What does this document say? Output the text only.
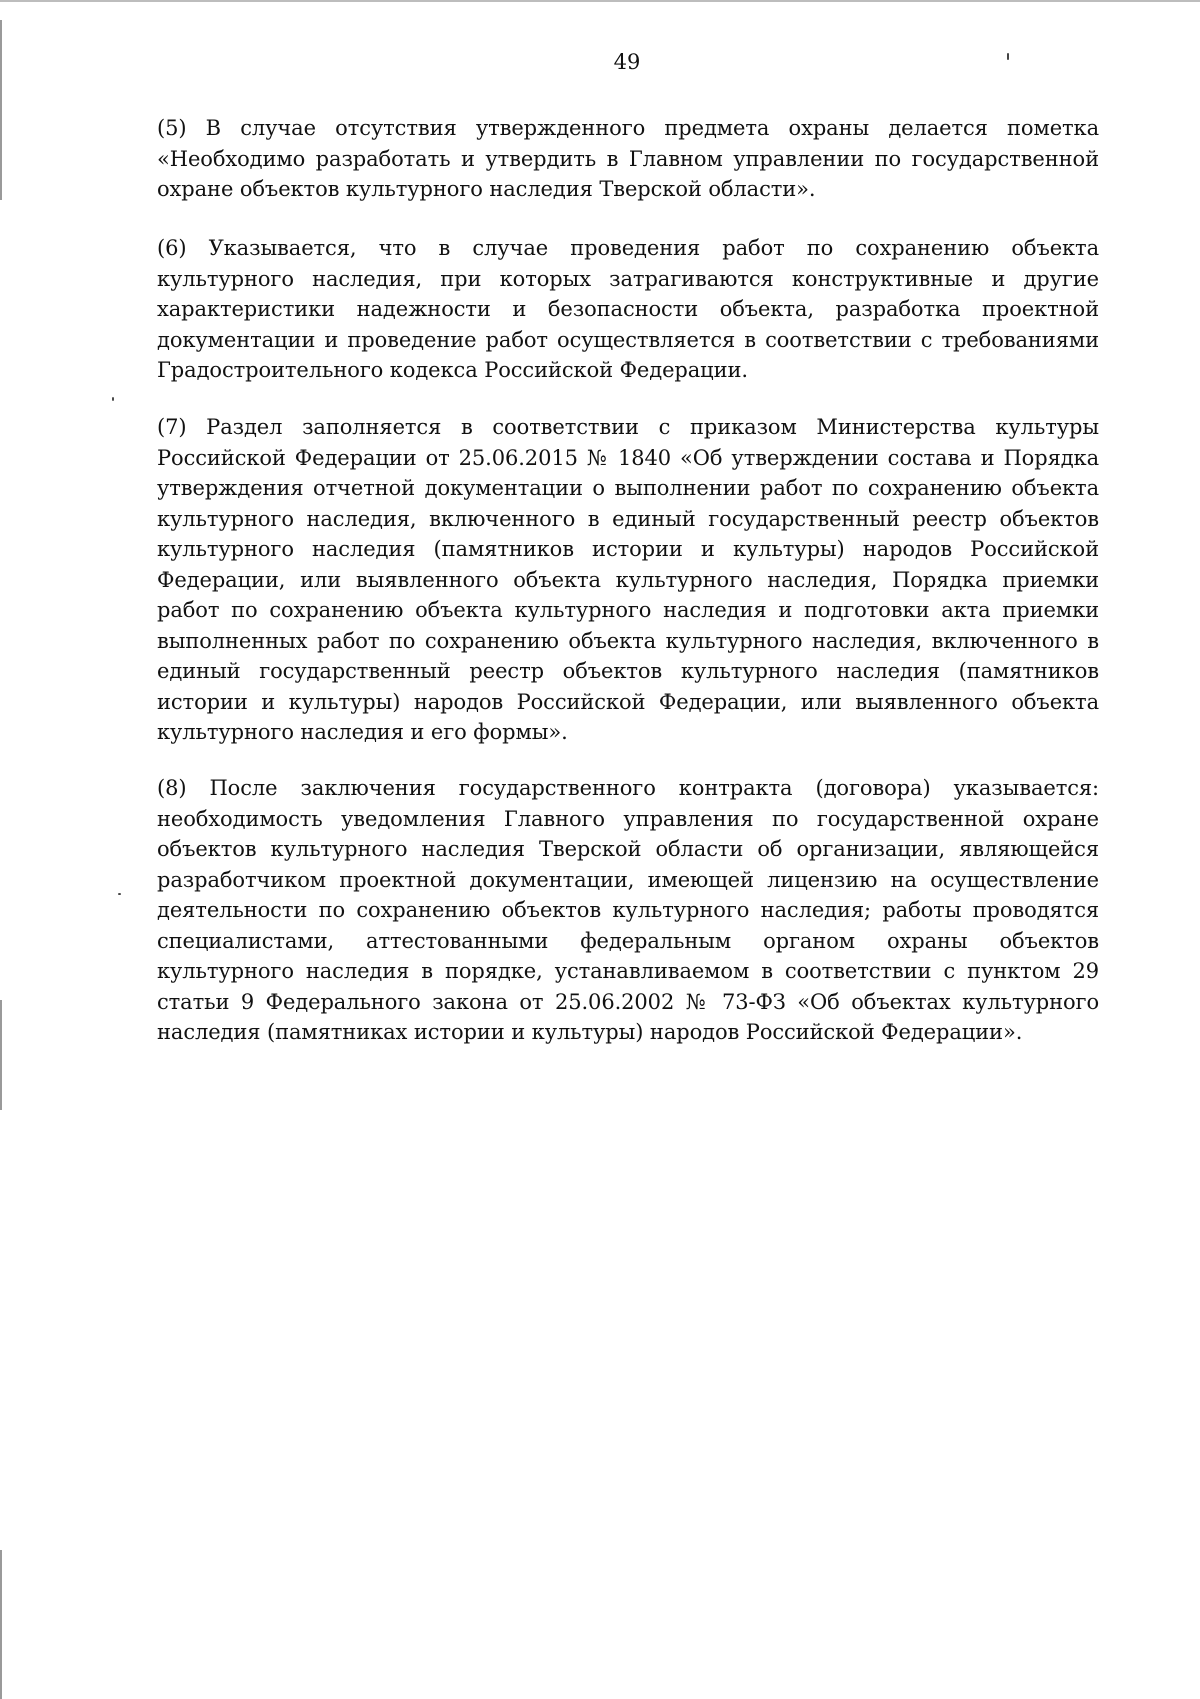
49

(5) В случае отсутствия утвержденного предмета охраны делается пометка «Необходимо разработать и утвердить в Главном управлении по государственной охране объектов культурного наследия Тверской области».

(6) Указывается, что в случае проведения работ по сохранению объекта культурного наследия, при которых затрагиваются конструктивные и другие характеристики надежности и безопасности объекта, разработка проектной документации и проведение работ осуществляется в соответствии с требованиями Градостроительного кодекса Российской Федерации.

(7) Раздел заполняется в соответствии с приказом Министерства культуры Российской Федерации от 25.06.2015 № 1840 «Об утверждении состава и Порядка утверждения отчетной документации о выполнении работ по сохранению объекта культурного наследия, включенного в единый государственный реестр объектов культурного наследия (памятников истории и культуры) народов Российской Федерации, или выявленного объекта культурного наследия, Порядка приемки работ по сохранению объекта культурного наследия и подготовки акта приемки выполненных работ по сохранению объекта культурного наследия, включенного в единый государственный реестр объектов культурного наследия (памятников истории и культуры) народов Российской Федерации, или выявленного объекта культурного наследия и его формы».

(8) После заключения государственного контракта (договора) указывается: необходимость уведомления Главного управления по государственной охране объектов культурного наследия Тверской области об организации, являющейся разработчиком проектной документации, имеющей лицензию на осуществление деятельности по сохранению объектов культурного наследия; работы проводятся специалистами, аттестованными федеральным органом охраны объектов культурного наследия в порядке, устанавливаемом в соответствии с пунктом 29 статьи 9 Федерального закона от 25.06.2002 № 73-ФЗ «Об объектах культурного наследия (памятниках истории и культуры) народов Российской Федерации».
